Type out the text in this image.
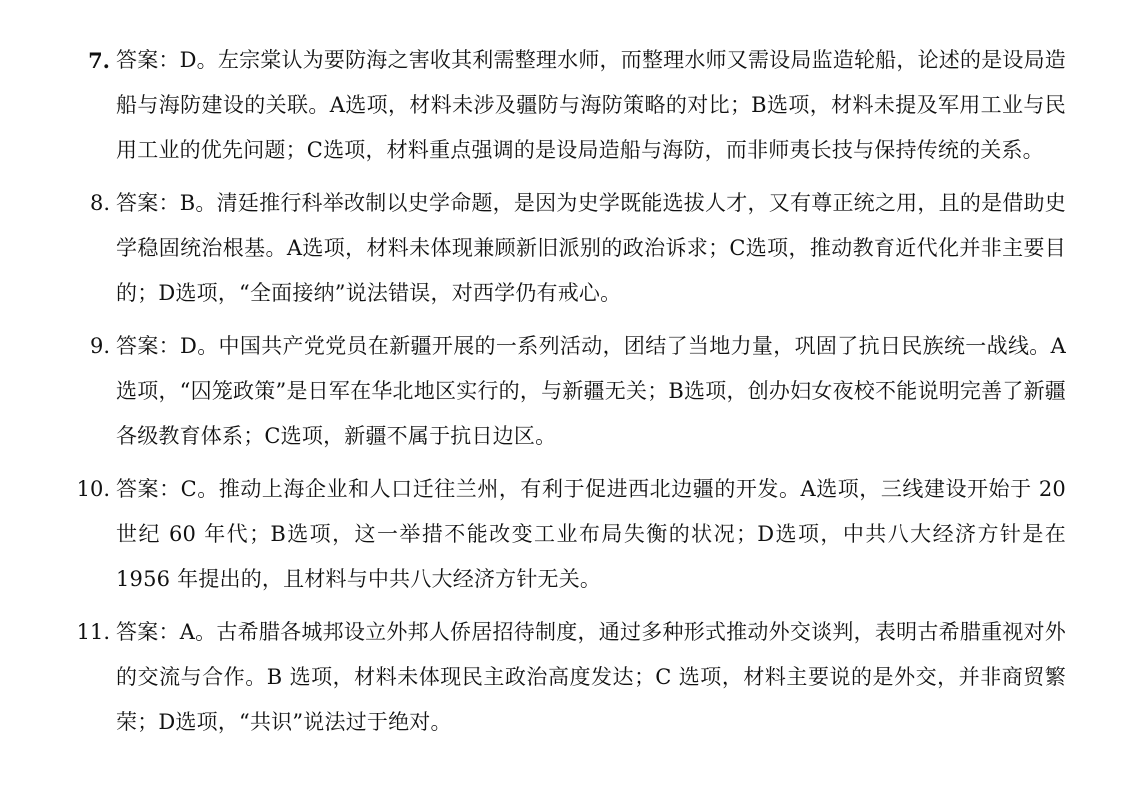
7. 答案：D。左宗棠认为要防海之害收其利需整理水师，而整理水师又需设局监造轮船，论述的是设局造船与海防建设的关联。A选项，材料未涉及疆防与海防策略的对比；B选项，材料未提及军用工业与民用工业的优先问题；C选项，材料重点强调的是设局造船与海防，而非师夷长技与保持传统的关系。
8. 答案：B。清廷推行科举改制以史学命题，是因为史学既能选拔人才，又有尊正统之用，且的是借助史学稳固统治根基。A选项，材料未体现兼顾新旧派别的政治诉求；C选项，推动教育近代化并非主要目的；D选项，“全面接纳”说法错误，对西学仍有戒心。
9. 答案：D。中国共产党党员在新疆开展的一系列活动，团结了当地力量，巩固了抗日民族统一战线。A选项，“囚笼政策”是日军在华北地区实行的，与新疆无关；B选项，创办妇女夜校不能说明完善了新疆各级教育体系；C选项，新疆不属于抗日边区。
10. 答案：C。推动上海企业和人口迁往兰州，有利于促进西北边疆的开发。A选项，三线建设开始于 20 世纪 60 年代；B选项，这一举措不能改变工业布局失衡的状况；D选项，中共八大经济方针是在 1956 年提出的，且材料与中共八大经济方针无关。
11. 答案：A。古希腊各城邦设立外邦人侨居招待制度，通过多种形式推动外交谈判，表明古希腊重视对外的交流与合作。B 选项，材料未体现民主政治高度发达；C 选项，材料主要说的是外交，并非商贸繁荣；D选项，“共识”说法过于绝对。
